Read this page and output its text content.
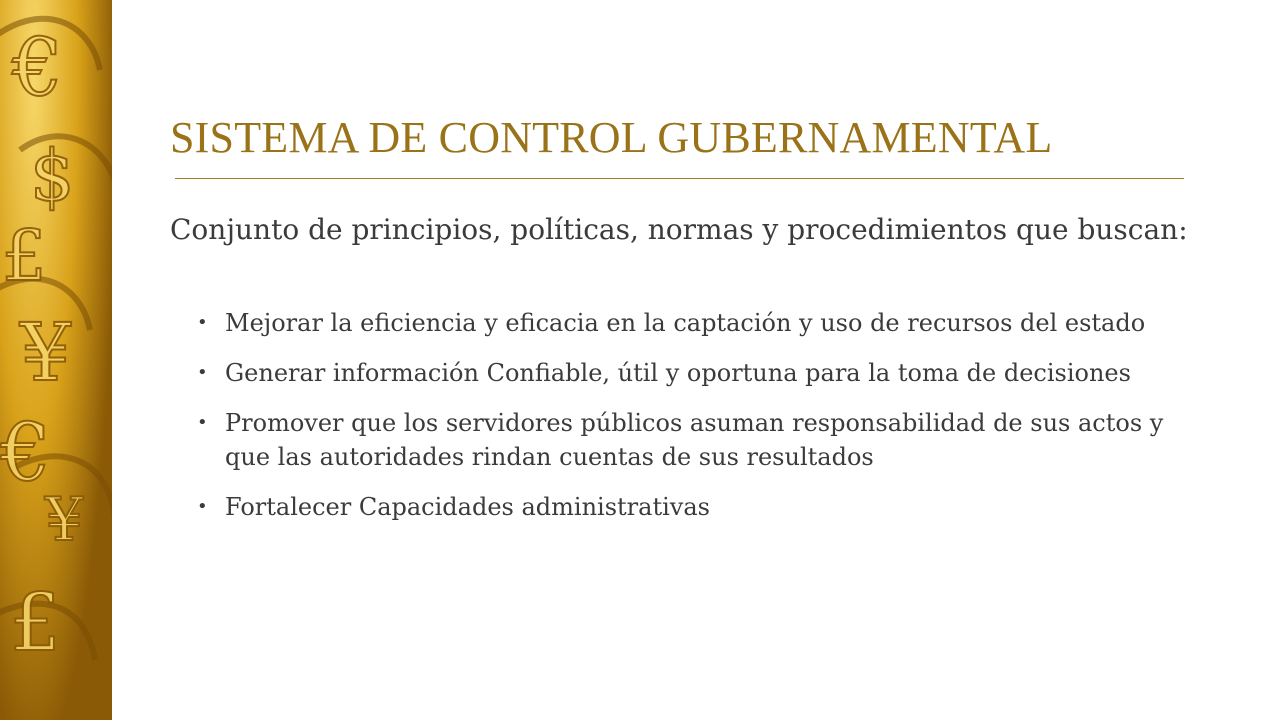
€
$
£
¥
€
¥
£
SISTEMA DE CONTROL GUBERNAMENTAL

Conjunto de principios, políticas, normas y procedimientos que buscan:

• Mejorar la eficiencia y eficacia en la captación y uso de recursos del estado
• Generar información Confiable, útil y oportuna para la toma de decisiones
• Promover que los servidores públicos asuman responsabilidad de sus actos y que las autoridades rindan cuentas de sus resultados
• Fortalecer Capacidades administrativas
